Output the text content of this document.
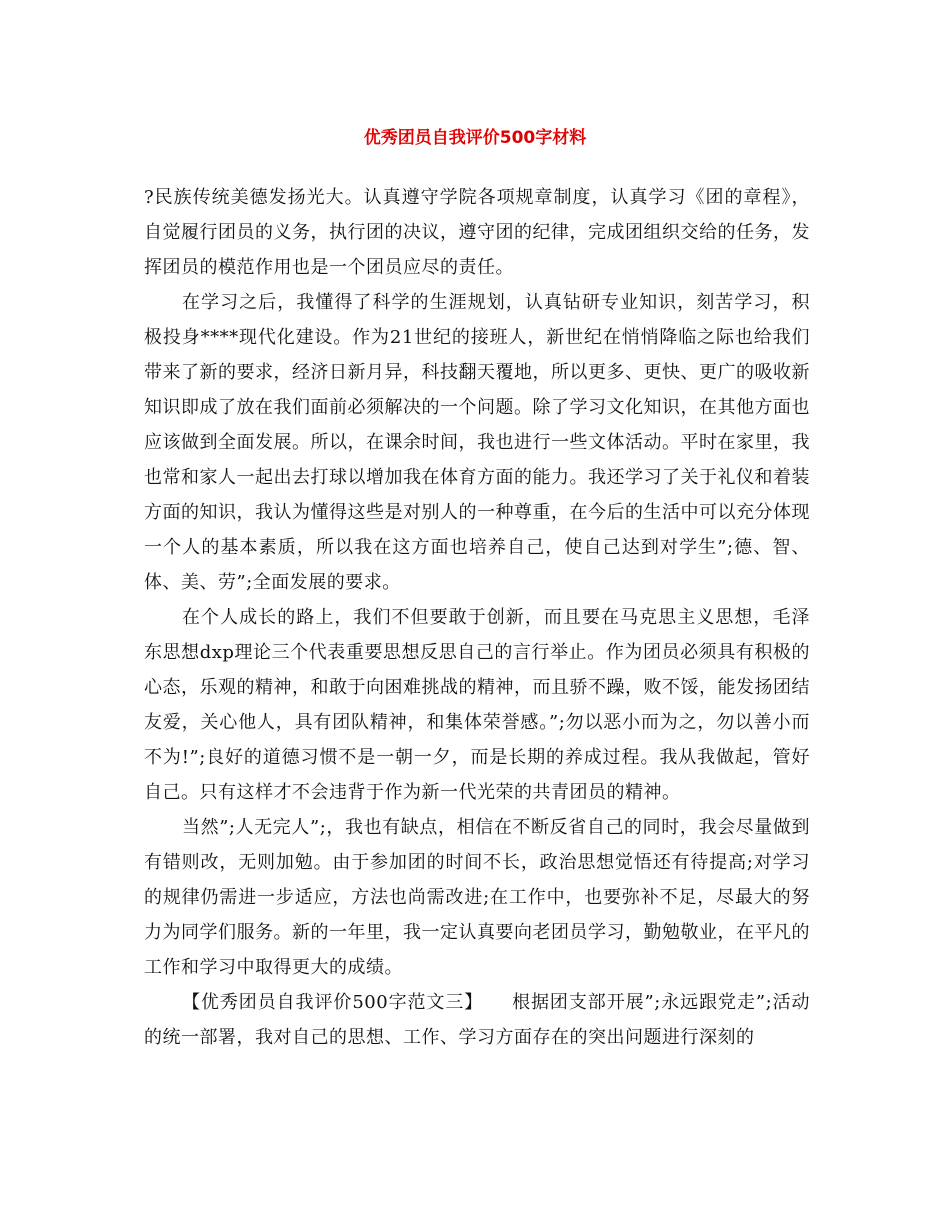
优秀团员自我评价500字材料

?民族传统美德发扬光大。认真遵守学院各项规章制度，认真学习《团的章程》，自觉履行团员的义务，执行团的决议，遵守团的纪律，完成团组织交给的任务，发挥团员的模范作用也是一个团员应尽的责任。

在学习之后，我懂得了科学的生涯规划，认真钻研专业知识，刻苦学习，积极投身****现代化建设。作为21世纪的接班人，新世纪在悄悄降临之际也给我们带来了新的要求，经济日新月异，科技翻天覆地，所以更多、更快、更广的吸收新知识即成了放在我们面前必须解决的一个问题。除了学习文化知识，在其他方面也应该做到全面发展。所以，在课余时间，我也进行一些文体活动。平时在家里，我也常和家人一起出去打球以增加我在体育方面的能力。我还学习了关于礼仪和着装方面的知识，我认为懂得这些是对别人的一种尊重，在今后的生活中可以充分体现一个人的基本素质，所以我在这方面也培养自己，使自己达到对学生”;德、智、体、美、劳”;全面发展的要求。

在个人成长的路上，我们不但要敢于创新，而且要在马克思主义思想，毛泽东思想dxp理论三个代表重要思想反思自己的言行举止。作为团员必须具有积极的心态，乐观的精神，和敢于向困难挑战的精神，而且骄不躁，败不馁，能发扬团结友爱，关心他人，具有团队精神，和集体荣誉感。”;勿以恶小而为之，勿以善小而不为!”;良好的道德习惯不是一朝一夕，而是长期的养成过程。我从我做起，管好自己。只有这样才不会违背于作为新一代光荣的共青团员的精神。

当然”;人无完人”;，我也有缺点，相信在不断反省自己的同时，我会尽量做到有错则改，无则加勉。由于参加团的时间不长，政治思想觉悟还有待提高;对学习的规律仍需进一步适应，方法也尚需改进;在工作中，也要弥补不足，尽最大的努力为同学们服务。新的一年里，我一定认真要向老团员学习，勤勉敬业，在平凡的工作和学习中取得更大的成绩。

【优秀团员自我评价500字范文三】　　根据团支部开展”;永远跟党走”;活动的统一部署，我对自己的思想、工作、学习方面存在的突出问题进行深刻的
